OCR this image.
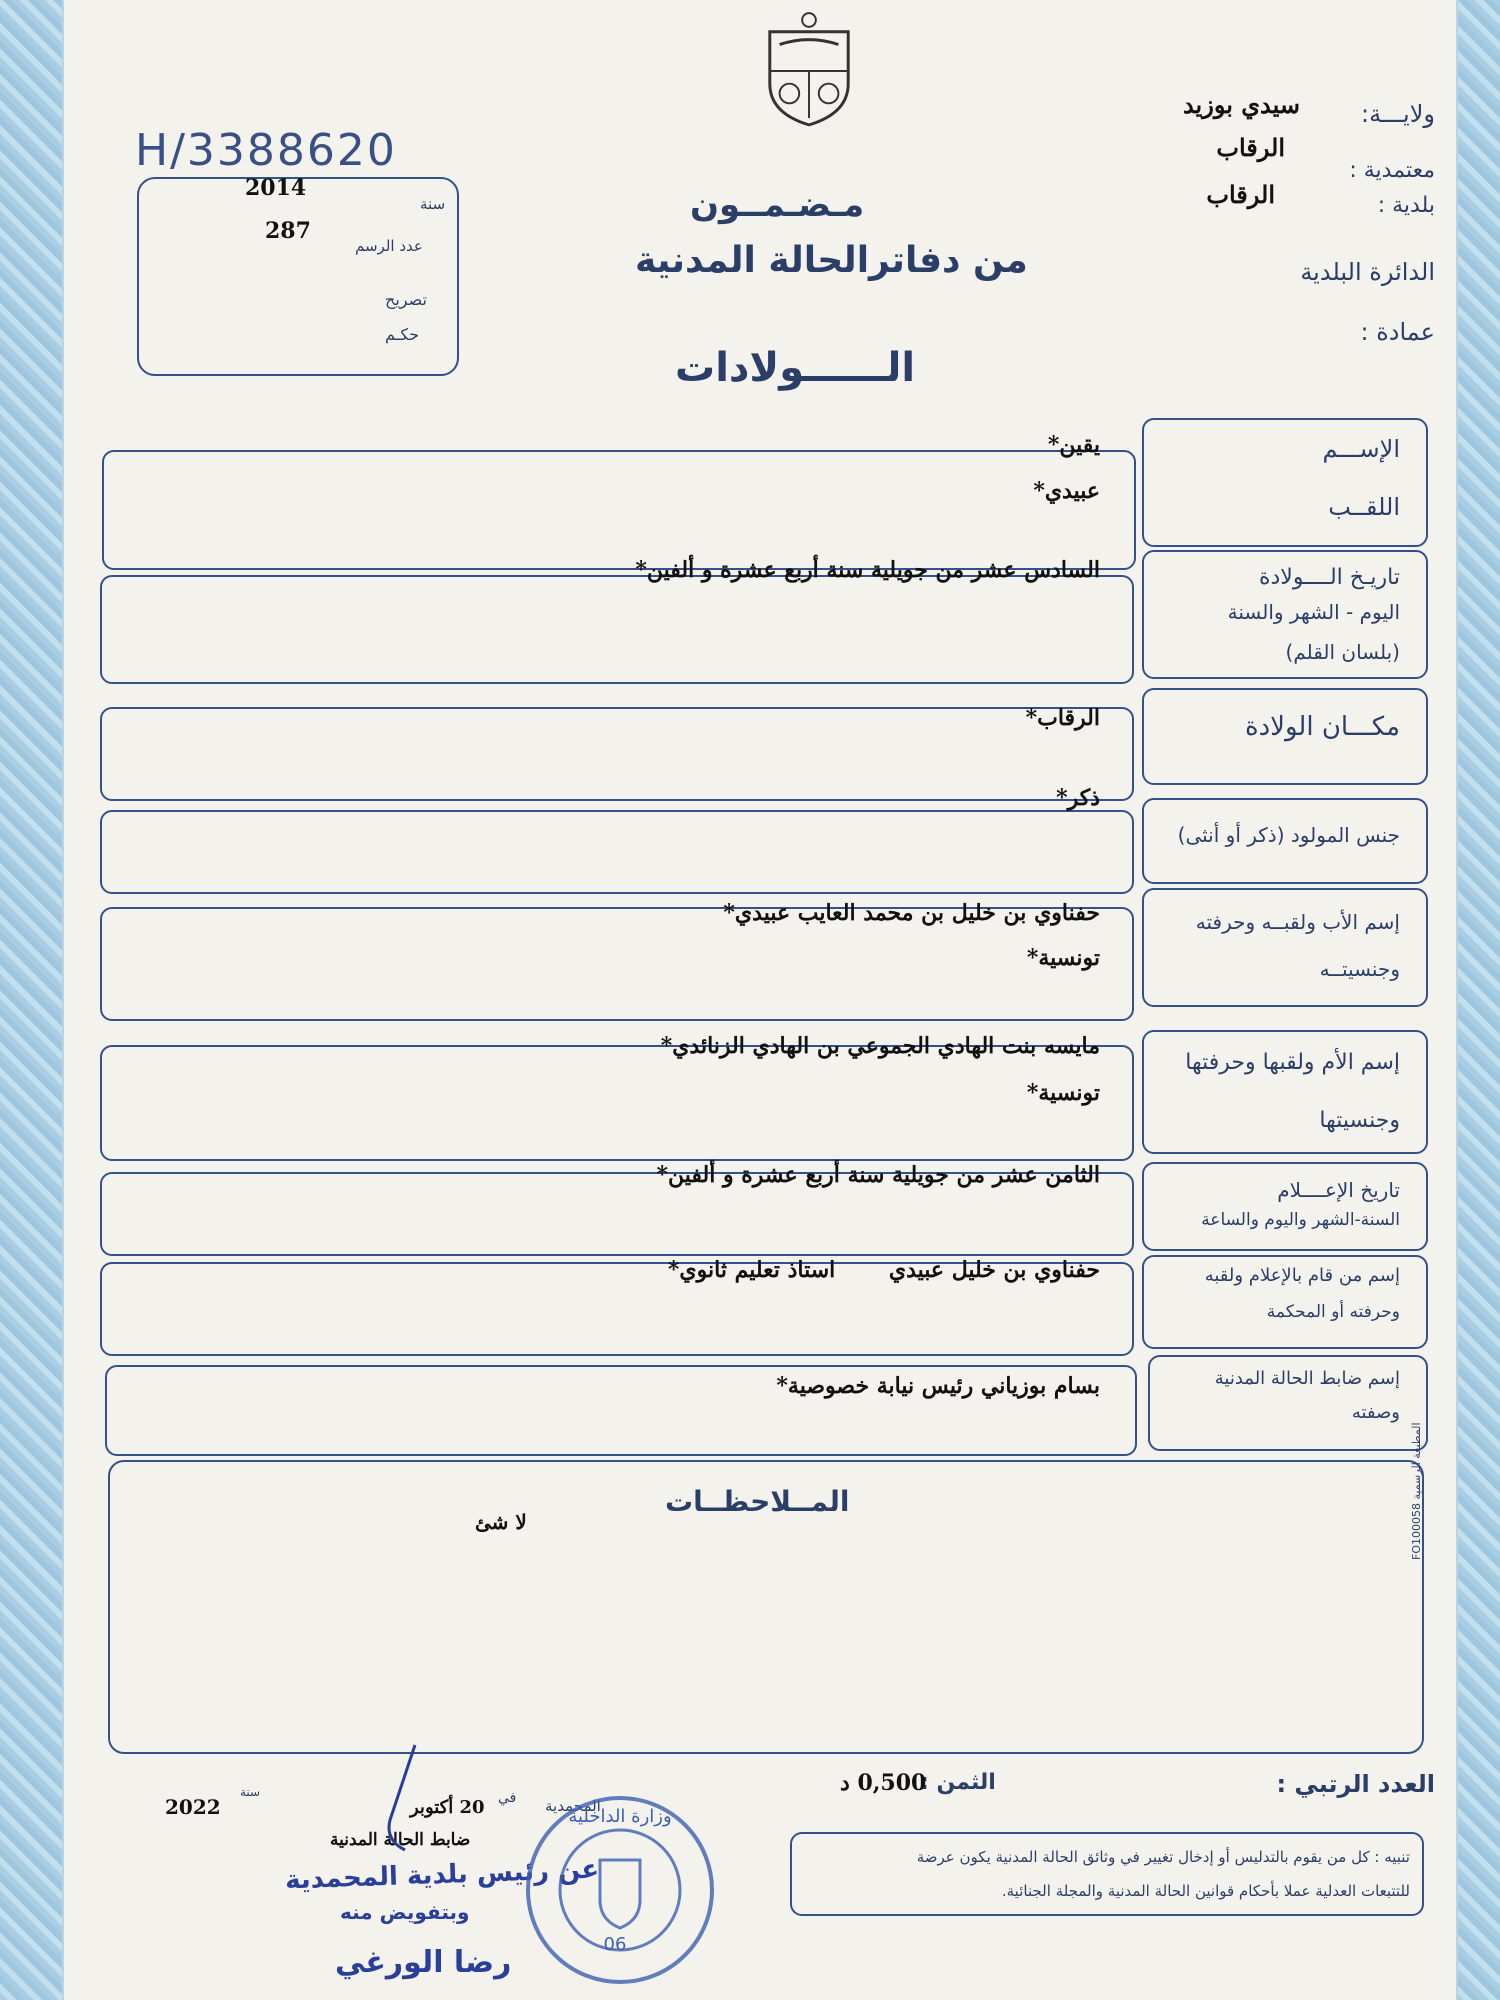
H/3388620
ولايـــة:
سيدي بوزيد
معتمدية :
الرقاب
بلدية :
الرقاب
الدائرة البلدية
عمادة :
سنة
2014
عدد الرسم
287
تصريح
حكـم
مـضـمــون
من دفاترالحالة المدنية
الــــــولادات
الإســـم
اللقــب
يقين*
عبيدي*
تاريـخ الــــولادة
اليوم - الشهر والسنة
(بلسان القلم)
السادس عشر من جويلية سنة أربع عشرة و ألفين*
مكـــان الولادة
الرقاب*
جنس المولود (ذكر أو أنثى)
ذكر*
إسم الأب ولقبــه وحرفته
وجنسيتــه
حفناوي بن خليل بن محمد العايب عبيدي*
تونسية*
إسم الأم ولقبها وحرفتها
وجنسيتها
مايسه بنت الهادي الجموعي بن الهادي الزنائدي*
تونسية*
تاريخ الإعــــلام
السنة-الشهر واليوم والساعة
الثامن عشر من جويلية سنة أربع عشرة و ألفين*
إسم من قام بالإعلام ولقبه
وحرفته أو المحكمة
حفناوي بن خليل عبيدي       استاذ تعليم ثانوي*
إسم ضابط الحالة المدنية
وصفته
بسام بوزياني رئيس نيابة خصوصية*
المــلاحظــات
لا شئ	المطبعة الرسمية FO100058
العدد الرتبي :
الثمن :
0,500 د
المحمدية
في
20 أكتوبر
سنة
2022
ضابط الحالة المدنية
تنبيه : كل من يقوم بالتدليس أو إدخال تغيير في وثائق الحالة المدنية يكون عرضة
للتتبعات العدلية عملا بأحكام قوانين الحالة المدنية والمجلة الجنائية.
عن رئيس بلدية المحمدية
وبتفويض منه
رضا الورغي
وزارة الداخلية
06
